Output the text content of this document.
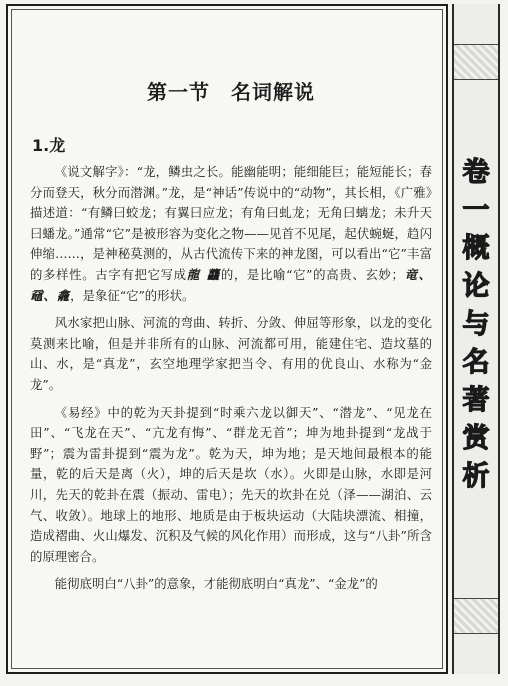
第一节　名词解说
1.龙

《说文解字》：“龙，鳞虫之长。能幽能明；能细能巨；能短能长；春分而登天，秋分而潜渊。”龙，是“神话”传说中的“动物”，其长相，《广雅》描述道：“有鳞曰蛟龙；有翼曰应龙；有角曰虬龙；无角曰螭龙；未升天曰蟠龙。”通常“它”是被形容为变化之物——见首不见尾，起伏蜿蜒，趋闪伸缩……，是神秘莫测的，从古代流传下来的神龙图，可以看出“它”丰富的多样性。古字有把它写成龍 龘的，是比喻“它”的高贵、玄妙；竜、黿、龕，是象征“它”的形状。

风水家把山脉、河流的弯曲、转折、分敛、伸屈等形象，以龙的变化莫测来比喻，但是并非所有的山脉、河流都可用，能建住宅、造坟墓的山、水，是“真龙”，玄空地理学家把当令、有用的优良山、水称为“金龙”。

《易经》中的乾为天卦提到“时乘六龙以御天”、“潜龙”、“见龙在田”、“飞龙在天”、“亢龙有悔”、“群龙无首”；坤为地卦提到“龙战于野”；震为雷卦提到“震为龙”。乾为天，坤为地；是天地间最根本的能量，乾的后天是离（火），坤的后天是坎（水）。火即是山脉，水即是河川，先天的乾卦在震（振动、雷电）；先天的坎卦在兑（泽——湖泊、云气、收敛）。地球上的地形、地质是由于板块运动（大陆块漂流、相撞，造成褶曲、火山爆发、沉积及气候的风化作用）而形成，这与“八卦”所含的原理密合。

能彻底明白“八卦”的意象，才能彻底明白“真龙”、“金龙”的

卷
一
概
论
与
名
著
赏
析
